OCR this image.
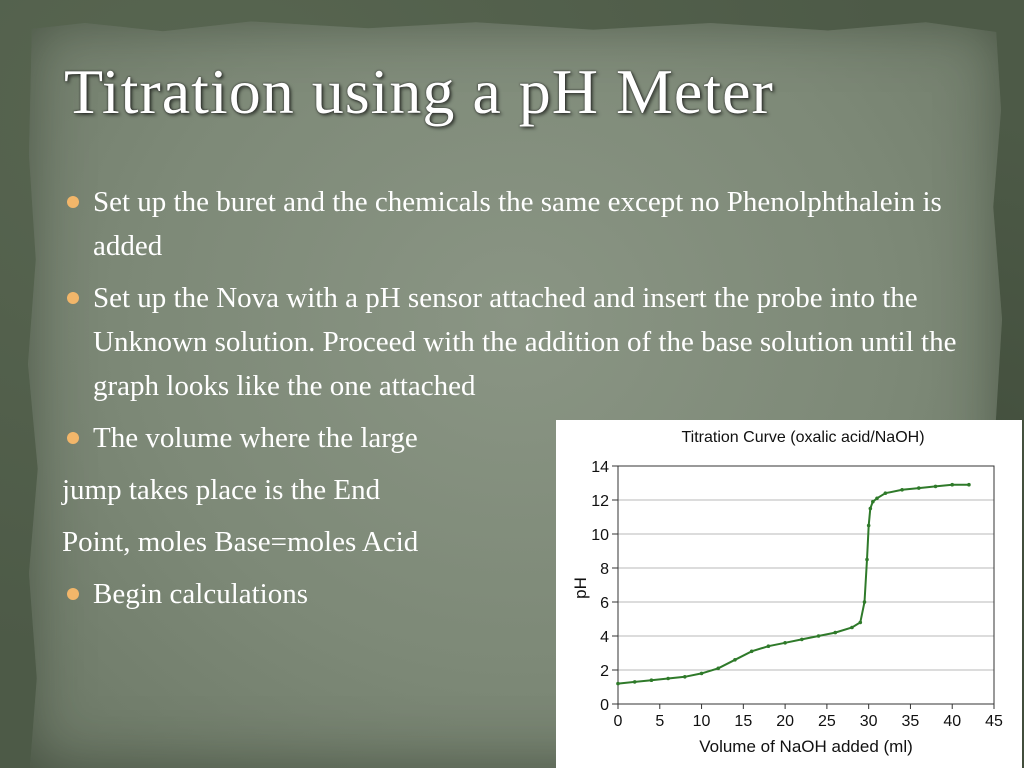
Titration using a pH Meter
Set up the buret and the chemicals the same except no Phenolphthalein is added
Set up the Nova with a pH sensor attached and insert the probe into the Unknown solution. Proceed with the addition of the base solution until the graph looks like the one attached
The volume where the large
jump takes place is the End
Point, moles Base=moles Acid
Begin calculations
Titration Curve (oxalic acid/NaOH)
pH
Volume of NaOH added (ml)
0
2
4
6
8
10
12
14
0 5 10 15 20 25 30 35 40 45
